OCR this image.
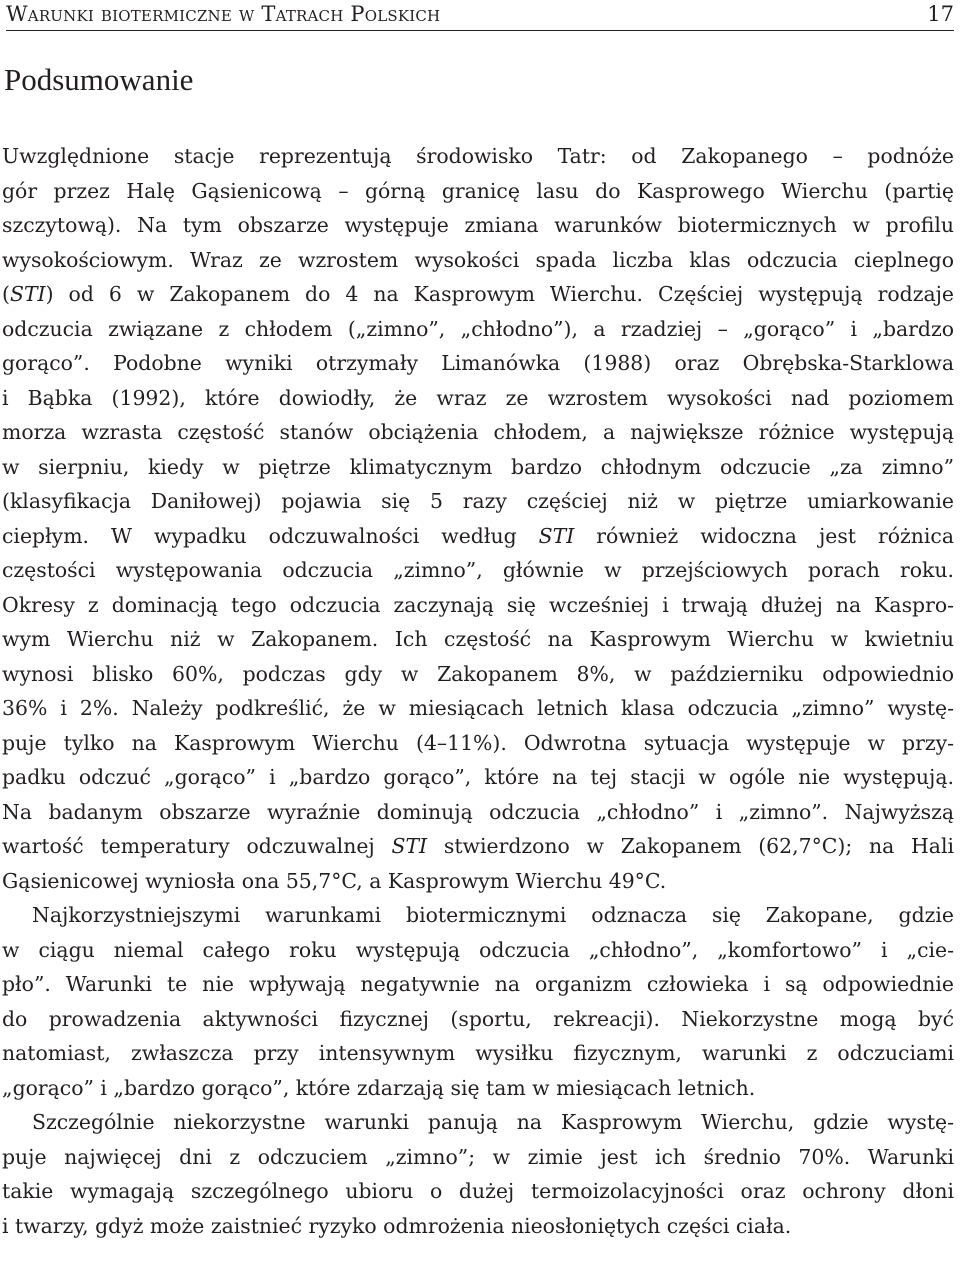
Warunki biotermiczne w Tatrach Polskich	17
Podsumowanie
Uwzględnione stacje reprezentują środowisko Tatr: od Zakopanego – podnóże
gór przez Halę Gąsienicową – górną granicę lasu do Kasprowego Wierchu (partię
szczytową). Na tym obszarze występuje zmiana warunków biotermicznych w profilu
wysokościowym. Wraz ze wzrostem wysokości spada liczba klas odczucia cieplnego
(STI) od 6 w Zakopanem do 4 na Kasprowym Wierchu. Częściej występują rodzaje
odczucia związane z chłodem („zimno”, „chłodno”), a rzadziej – „gorąco” i „bardzo
gorąco”. Podobne wyniki otrzymały Limanówka (1988) oraz Obrębska-Starklowa
i Bąbka (1992), które dowiodły, że wraz ze wzrostem wysokości nad poziomem
morza wzrasta częstość stanów obciążenia chłodem, a największe różnice występują
w sierpniu, kiedy w piętrze klimatycznym bardzo chłodnym odczucie „za zimno”
(klasyfikacja Daniłowej) pojawia się 5 razy częściej niż w piętrze umiarkowanie
ciepłym. W wypadku odczuwalności według STI również widoczna jest różnica
częstości występowania odczucia „zimno”, głównie w przejściowych porach roku.
Okresy z dominacją tego odczucia zaczynają się wcześniej i trwają dłużej na Kaspro-
wym Wierchu niż w Zakopanem. Ich częstość na Kasprowym Wierchu w kwietniu
wynosi blisko 60%, podczas gdy w Zakopanem 8%, w październiku odpowiednio
36% i 2%. Należy podkreślić, że w miesiącach letnich klasa odczucia „zimno” wystę-
puje tylko na Kasprowym Wierchu (4–11%). Odwrotna sytuacja występuje w przy-
padku odczuć „gorąco” i „bardzo gorąco”, które na tej stacji w ogóle nie występują.
Na badanym obszarze wyraźnie dominują odczucia „chłodno” i „zimno”. Najwyższą
wartość temperatury odczuwalnej STI stwierdzono w Zakopanem (62,7°C); na Hali
Gąsienicowej wyniosła ona 55,7°C, a Kasprowym Wierchu 49°C.
Najkorzystniejszymi warunkami biotermicznymi odznacza się Zakopane, gdzie
w ciągu niemal całego roku występują odczucia „chłodno”, „komfortowo” i „cie-
pło”. Warunki te nie wpływają negatywnie na organizm człowieka i są odpowiednie
do prowadzenia aktywności fizycznej (sportu, rekreacji). Niekorzystne mogą być
natomiast, zwłaszcza przy intensywnym wysiłku fizycznym, warunki z odczuciami
„gorąco” i „bardzo gorąco”, które zdarzają się tam w miesiącach letnich.
Szczególnie niekorzystne warunki panują na Kasprowym Wierchu, gdzie wystę-
puje najwięcej dni z odczuciem „zimno”; w zimie jest ich średnio 70%. Warunki
takie wymagają szczególnego ubioru o dużej termoizolacyjności oraz ochrony dłoni
i twarzy, gdyż może zaistnieć ryzyko odmrożenia nieosłoniętych części ciała.
